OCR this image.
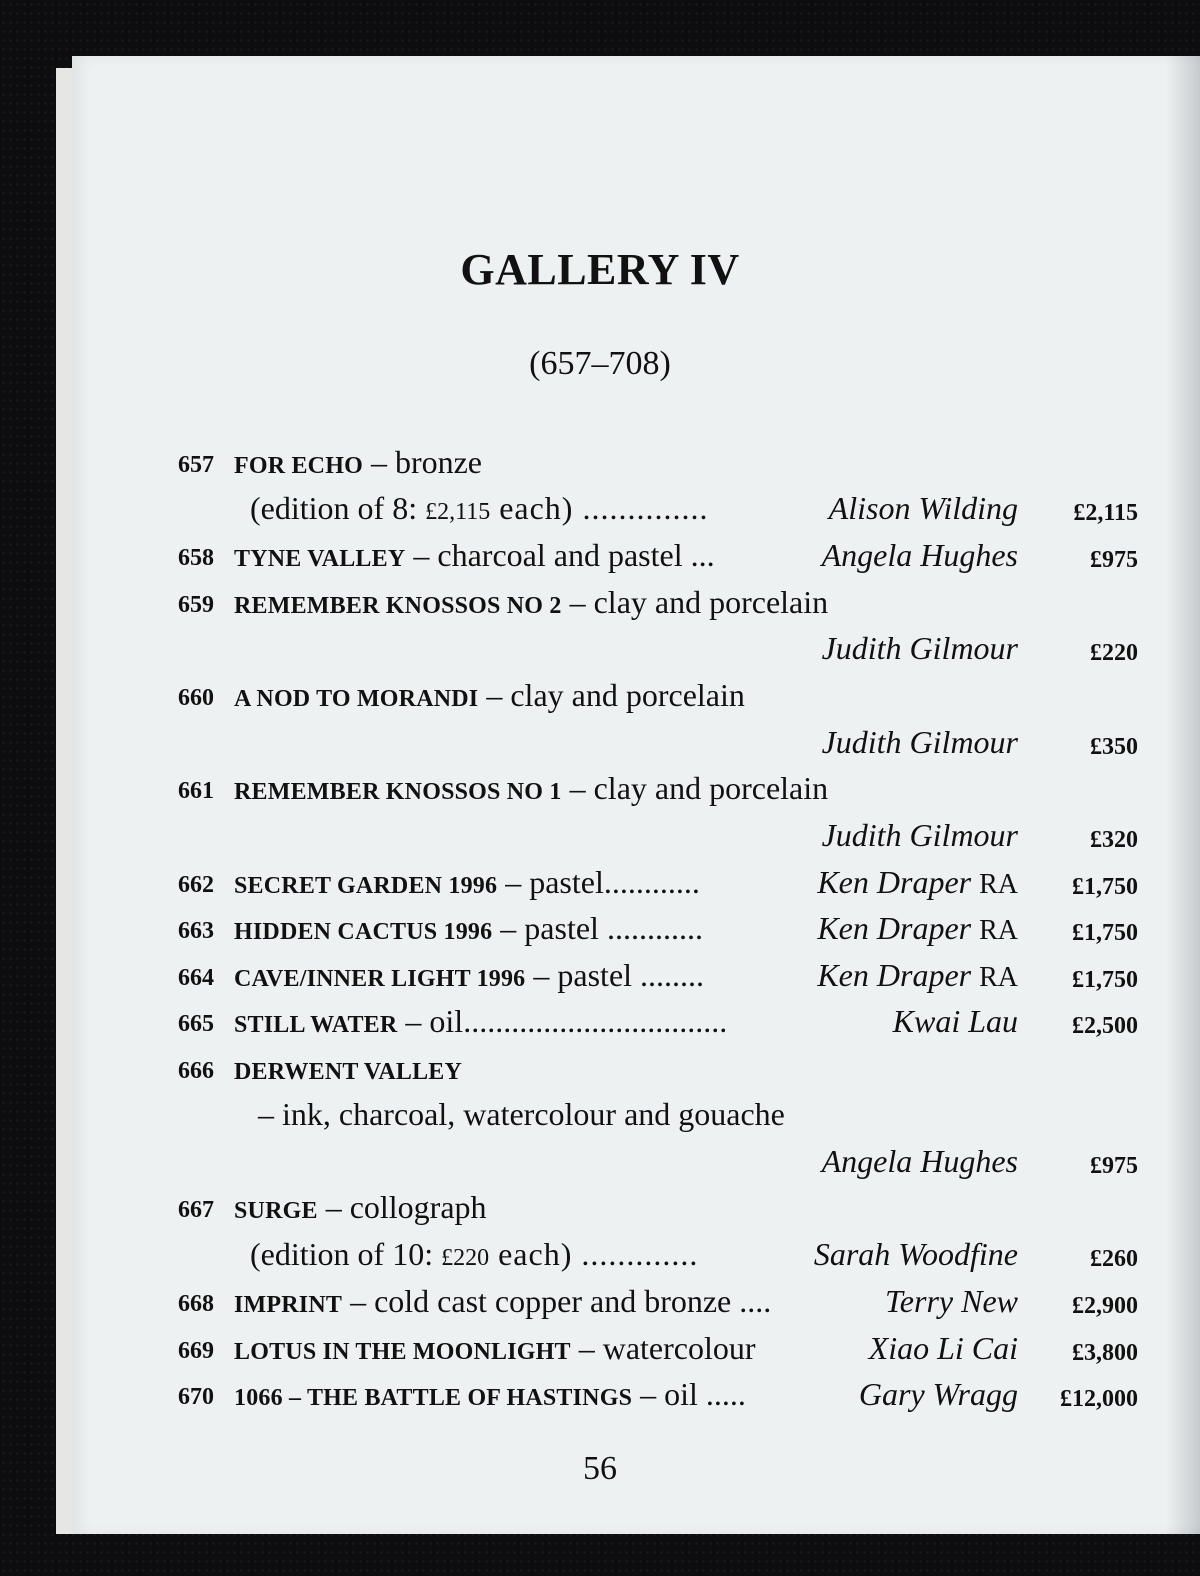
GALLERY IV
(657–708)
657 FOR ECHO – bronze
(edition of 8: £2,115 each) ..............	Alison Wilding £2,115
658 TYNE VALLEY – charcoal and pastel ...	Angela Hughes	£975
659 REMEMBER KNOSSOS NO 2 – clay and porcelain
Judith Gilmour	£220
660 A NOD TO MORANDI – clay and porcelain
Judith Gilmour	£350
661 REMEMBER KNOSSOS NO 1 – clay and porcelain
Judith Gilmour	£320
662 SECRET GARDEN 1996 – pastel............	Ken Draper RA £1,750
663 HIDDEN CACTUS 1996 – pastel ............	Ken Draper RA £1,750
664 CAVE/INNER LIGHT 1996 – pastel ........	Ken Draper RA £1,750
665 STILL WATER – oil.................................	Kwai Lau £2,500
666 DERWENT VALLEY
– ink, charcoal, watercolour and gouache
Angela Hughes	£975
667 SURGE – collograph
(edition of 10: £220 each) .............	Sarah Woodfine	£260
668 IMPRINT – cold cast copper and bronze ....	Terry New £2,900
669 LOTUS IN THE MOONLIGHT – watercolour	Xiao Li Cai £3,800
670 1066 – THE BATTLE OF HASTINGS – oil .....	Gary Wragg £12,000
56
